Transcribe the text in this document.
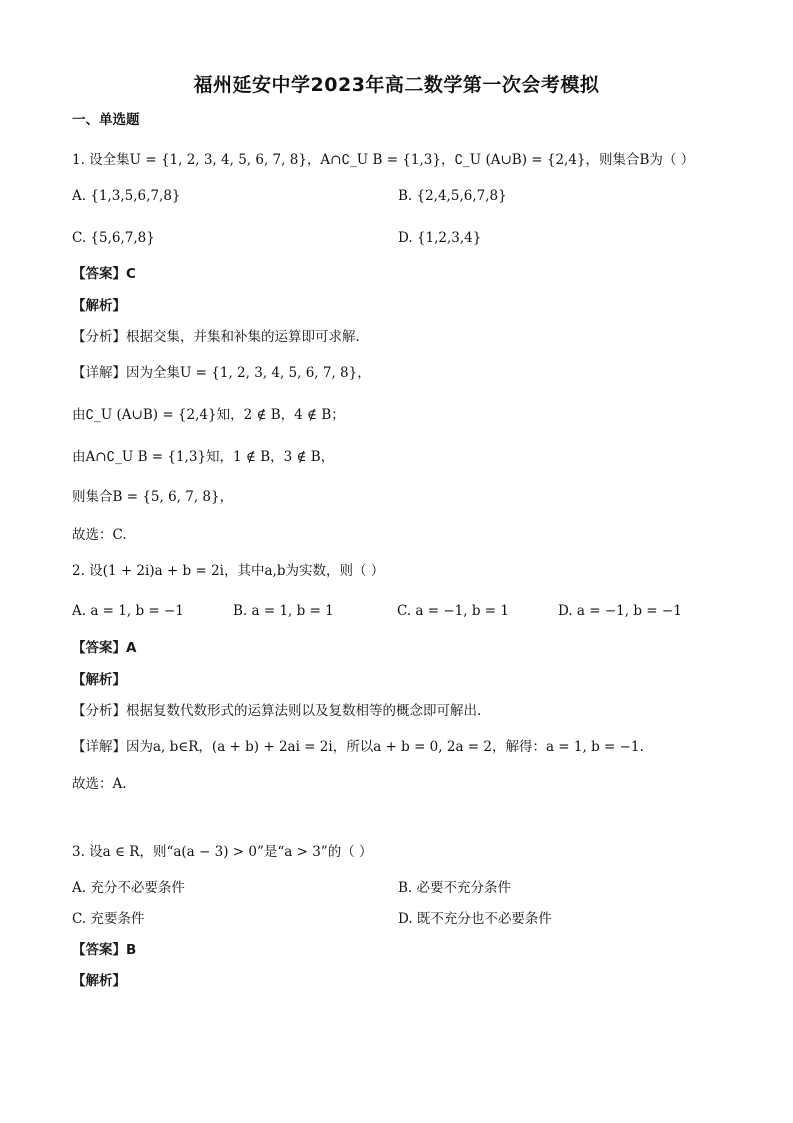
福州延安中学2023年高二数学第一次会考模拟
一、单选题
1. 设全集U = {1, 2, 3, 4, 5, 6, 7, 8}，A∩∁_U B = {1,3}，∁_U (A∪B) = {2,4}，则集合B为（ ）
A. {1,3,5,6,7,8}	B. {2,4,5,6,7,8}
C. {5,6,7,8}	D. {1,2,3,4}
【答案】C
【解析】
【分析】根据交集，并集和补集的运算即可求解.
【详解】因为全集U = {1, 2, 3, 4, 5, 6, 7, 8}，
由∁_U (A∪B) = {2,4}知，2 ∉ B，4 ∉ B；
由A∩∁_U B = {1,3}知，1 ∉ B，3 ∉ B，
则集合B = {5, 6, 7, 8}，
故选：C.
2. 设(1 + 2i)a + b = 2i，其中a,b为实数，则（ ）
A. a = 1, b = −1	B. a = 1, b = 1	C. a = −1, b = 1	D. a = −1, b = −1
【答案】A
【解析】
【分析】根据复数代数形式的运算法则以及复数相等的概念即可解出.
【详解】因为a, b∈R，(a + b) + 2ai = 2i，所以a + b = 0, 2a = 2，解得：a = 1, b = −1.
故选：A.
3. 设a ∈ R，则“a(a − 3) > 0”是“a > 3”的（ ）
A. 充分不必要条件	B. 必要不充分条件
C. 充要条件	D. 既不充分也不必要条件
【答案】B
【解析】
